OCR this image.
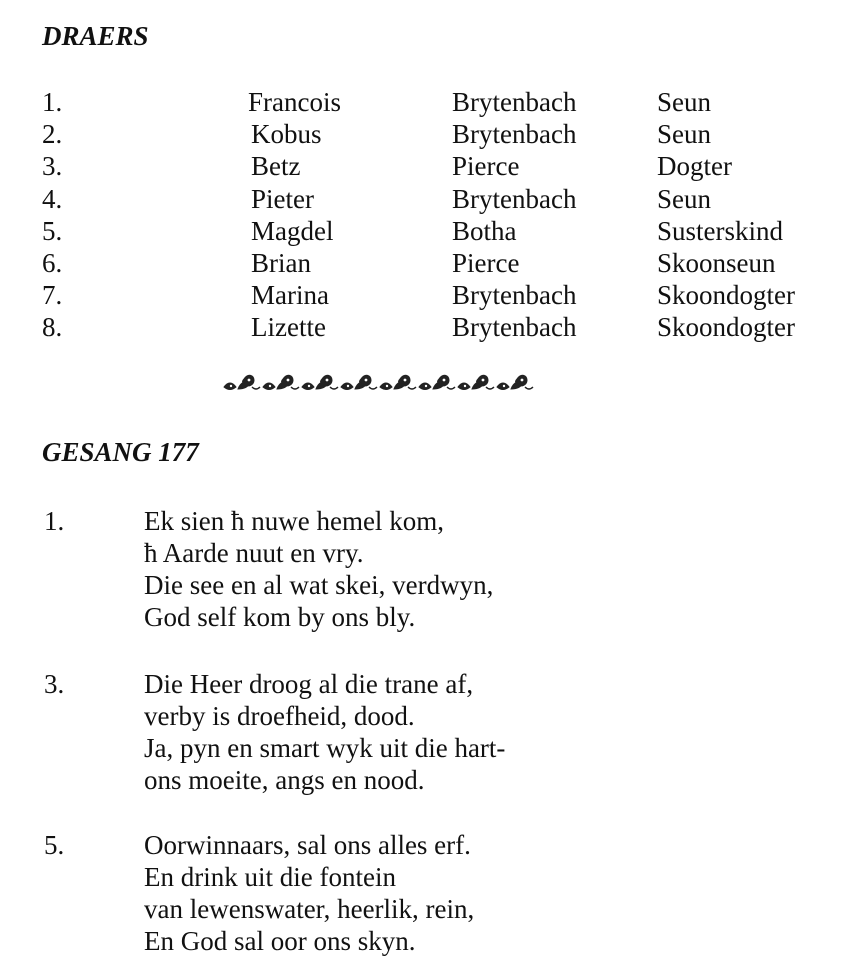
DRAERS
1.	Francois	Brytenbach	Seun
2.	Kobus	Brytenbach	Seun
3.	Betz	Pierce	Dogter
4.	Pieter	Brytenbach	Seun
5.	Magdel	Botha	Susterskind
6.	Brian	Pierce	Skoonseun
7.	Marina	Brytenbach	Skoondogter
8.	Lizette	Brytenbach	Skoondogter
GESANG 177
1.	Ek sien ħ nuwe hemel kom,
ħ Aarde nuut en vry.
Die see en al wat skei, verdwyn,
God self kom by ons bly.
3.	Die Heer droog al die trane af,
verby is droefheid, dood.
Ja, pyn en smart wyk uit die hart-
ons moeite, angs en nood.
5.	Oorwinnaars, sal ons alles erf.
En drink uit die fontein
van lewenswater, heerlik, rein,
En God sal oor ons skyn.
